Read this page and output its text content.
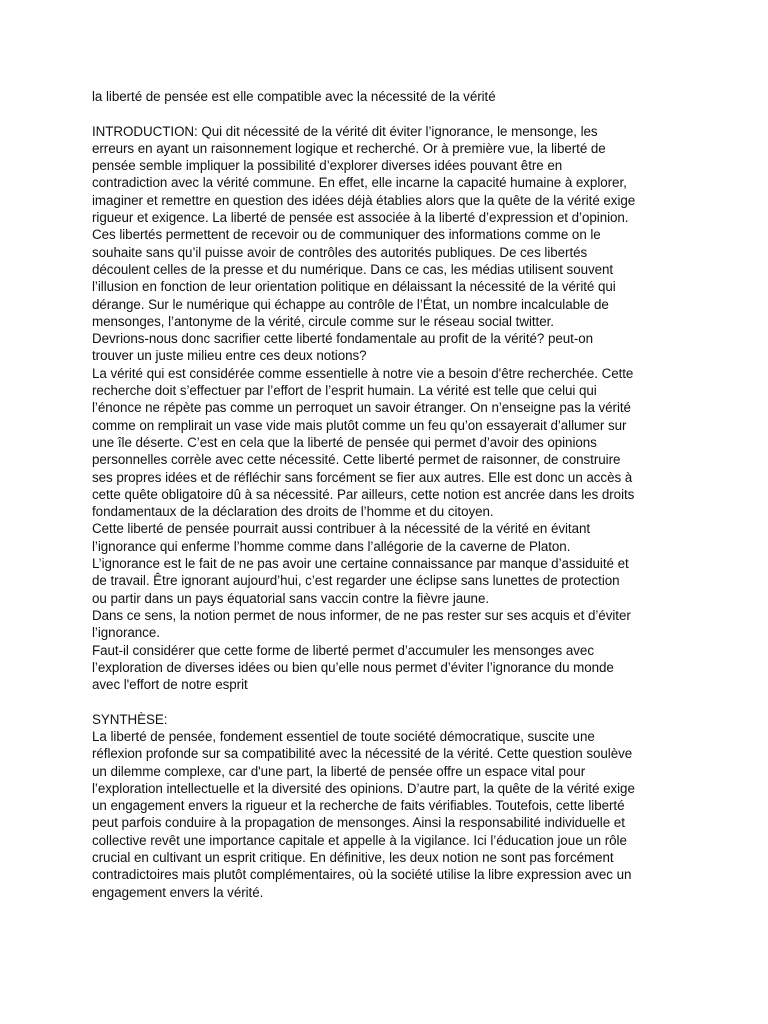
la liberté de pensée est elle compatible avec la nécessité de la vérité
INTRODUCTION: Qui dit nécessité de la vérité dit éviter l’ignorance, le mensonge, les
erreurs en ayant un raisonnement logique et recherché. Or à première vue, la liberté de
pensée semble impliquer la possibilité d’explorer diverses idées pouvant être en
contradiction avec la vérité commune. En effet, elle incarne la capacité humaine à explorer,
imaginer et remettre en question des idées déjà établies alors que la quête de la vérité exige
rigueur et exigence. La liberté de pensée est associée à la liberté d’expression et d’opinion.
Ces libertés permettent de recevoir ou de communiquer des informations comme on le
souhaite sans qu’il puisse avoir de contrôles des autorités publiques. De ces libertés
découlent celles de la presse et du numérique. Dans ce cas, les médias utilisent souvent
l’illusion en fonction de leur orientation politique en délaissant la nécessité de la vérité qui
dérange. Sur le numérique qui échappe au contrôle de l’État, un nombre incalculable de
mensonges, l’antonyme de la vérité, circule comme sur le réseau social twitter.
Devrions-nous donc sacrifier cette liberté fondamentale au profit de la vérité? peut-on
trouver un juste milieu entre ces deux notions?
La vérité qui est considérée comme essentielle à notre vie a besoin d'être recherchée. Cette
recherche doit s’effectuer par l’effort de l’esprit humain. La vérité est telle que celui qui
l’énonce ne répète pas comme un perroquet un savoir étranger. On n’enseigne pas la vérité
comme on remplirait un vase vide mais plutôt comme un feu qu’on essayerait d’allumer sur
une île déserte. C’est en cela que la liberté de pensée qui permet d’avoir des opinions
personnelles corrèle avec cette nécessité. Cette liberté permet de raisonner, de construire
ses propres idées et de réfléchir sans forcément se fier aux autres. Elle est donc un accès à
cette quête obligatoire dû à sa nécessité. Par ailleurs, cette notion est ancrée dans les droits
fondamentaux de la déclaration des droits de l’homme et du citoyen.
Cette liberté de pensée pourrait aussi contribuer à la nécessité de la vérité en évitant
l’ignorance qui enferme l’homme comme dans l’allégorie de la caverne de Platon.
L’ignorance est le fait de ne pas avoir une certaine connaissance par manque d’assiduité et
de travail. Être ignorant aujourd’hui, c’est regarder une éclipse sans lunettes de protection
ou partir dans un pays équatorial sans vaccin contre la fièvre jaune.
Dans ce sens, la notion permet de nous informer, de ne pas rester sur ses acquis et d’éviter
l’ignorance.
Faut-il considérer que cette forme de liberté permet d’accumuler les mensonges avec
l’exploration de diverses idées ou bien qu’elle nous permet d’éviter l’ignorance du monde
avec l'effort de notre esprit
SYNTHÈSE:
La liberté de pensée, fondement essentiel de toute société démocratique, suscite une
réflexion profonde sur sa compatibilité avec la nécessité de la vérité. Cette question soulève
un dilemme complexe, car d'une part, la liberté de pensée offre un espace vital pour
l’exploration intellectuelle et la diversité des opinions. D’autre part, la quête de la vérité exige
un engagement envers la rigueur et la recherche de faits vérifiables. Toutefois, cette liberté
peut parfois conduire à la propagation de mensonges. Ainsi la responsabilité individuelle et
collective revêt une importance capitale et appelle à la vigilance. Ici l’éducation joue un rôle
crucial en cultivant un esprit critique. En définitive, les deux notion ne sont pas forcément
contradictoires mais plutôt complémentaires, où la société utilise la libre expression avec un
engagement envers la vérité.
